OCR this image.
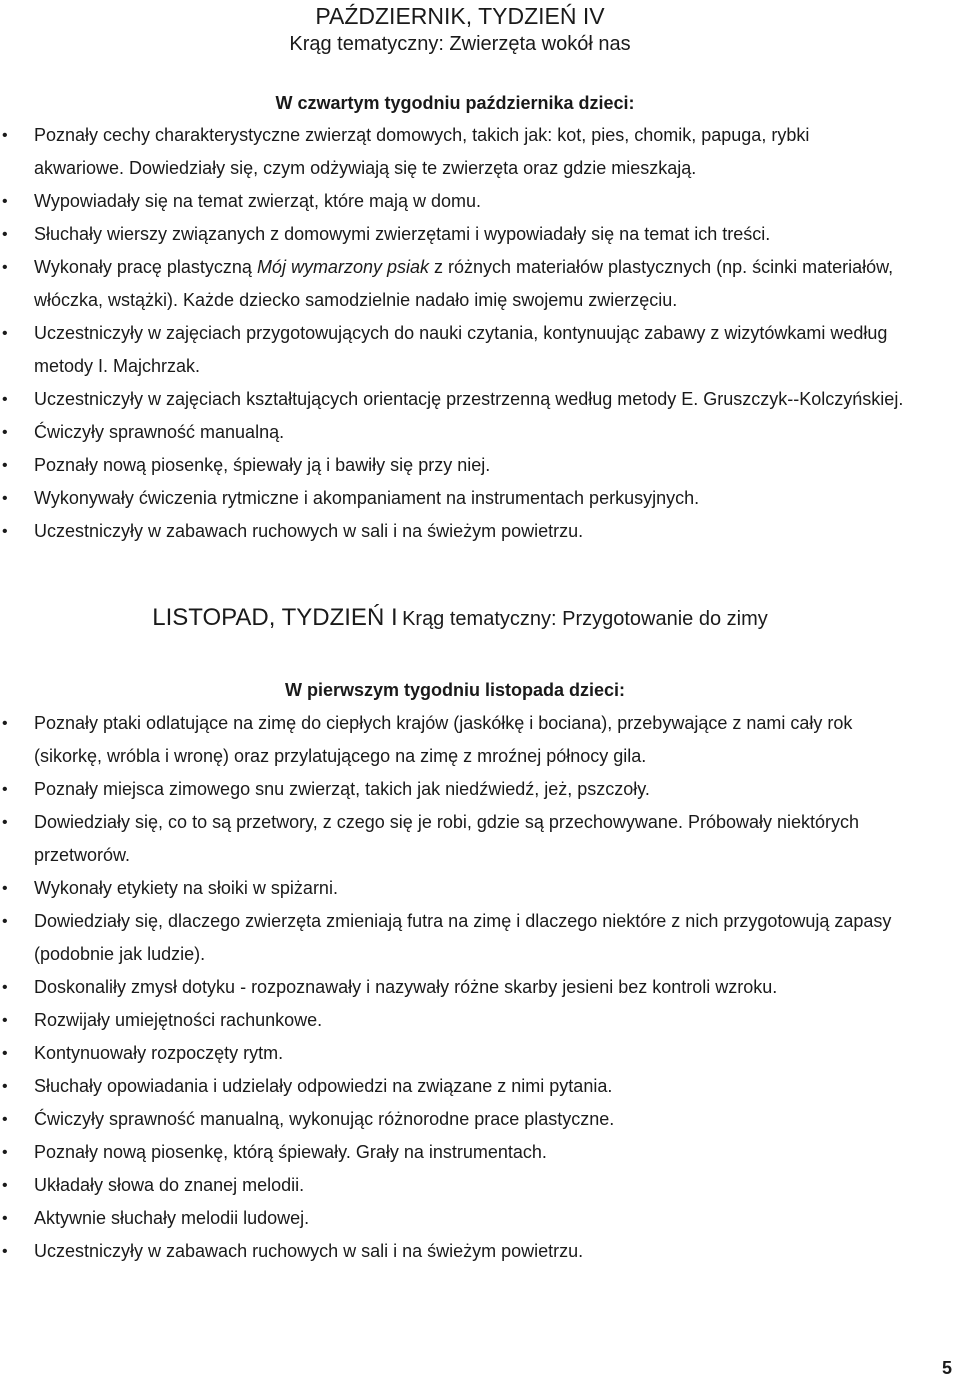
PAŹDZIERNIK, TYDZIEŃ IV
Krąg tematyczny: Zwierzęta wokół nas

W czwartym tygodniu października dzieci:

• Poznały cechy charakterystyczne zwierząt domowych, takich jak: kot, pies, chomik, papuga, rybki akwariowe. Dowiedziały się, czym odżywiają się te zwierzęta oraz gdzie mieszkają.
• Wypowiadały się na temat zwierząt, które mają w domu.
• Słuchały wierszy związanych z domowymi zwierzętami i wypowiadały się na temat ich treści.
• Wykonały pracę plastyczną Mój wymarzony psiak z różnych materiałów plastycznych (np. ścinki materiałów, włóczka, wstążki). Każde dziecko samodzielnie nadało imię swojemu zwierzęciu.
• Uczestniczyły w zajęciach przygotowujących do nauki czytania, kontynuując zabawy z wizytówkami według metody I. Majchrzak.
• Uczestniczyły w zajęciach kształtujących orientację przestrzenną według metody E. Gruszczyk--Kolczyńskiej.
• Ćwiczyły sprawność manualną.
• Poznały nową piosenkę, śpiewały ją i bawiły się przy niej.
• Wykonywały ćwiczenia rytmiczne i akompaniament na instrumentach perkusyjnych.
• Uczestniczyły w zabawach ruchowych w sali i na świeżym powietrzu.
LISTOPAD, TYDZIEŃ I Krąg tematyczny: Przygotowanie do zimy

W pierwszym tygodniu listopada dzieci:

• Poznały ptaki odlatujące na zimę do ciepłych krajów (jaskółkę i bociana), przebywające z nami cały rok (sikorkę, wróbla i wronę) oraz przylatującego na zimę z mroźnej północy gila.
• Poznały miejsca zimowego snu zwierząt, takich jak niedźwiedź, jeż, pszczoły.
• Dowiedziały się, co to są przetwory, z czego się je robi, gdzie są przechowywane. Próbowały niektórych przetworów.
• Wykonały etykiety na słoiki w spiżarni.
• Dowiedziały się, dlaczego zwierzęta zmieniają futra na zimę i dlaczego niektóre z nich przygotowują zapasy (podobnie jak ludzie).
• Doskonaliły zmysł dotyku - rozpoznawały i nazywały różne skarby jesieni bez kontroli wzroku.
• Rozwijały umiejętności rachunkowe.
• Kontynuowały rozpoczęty rytm.
• Słuchały opowiadania i udzielały odpowiedzi na związane z nimi pytania.
• Ćwiczyły sprawność manualną, wykonując różnorodne prace plastyczne.
• Poznały nową piosenkę, którą śpiewały. Grały na instrumentach.
• Układały słowa do znanej melodii.
• Aktywnie słuchały melodii ludowej.
• Uczestniczyły w zabawach ruchowych w sali i na świeżym powietrzu.
5
